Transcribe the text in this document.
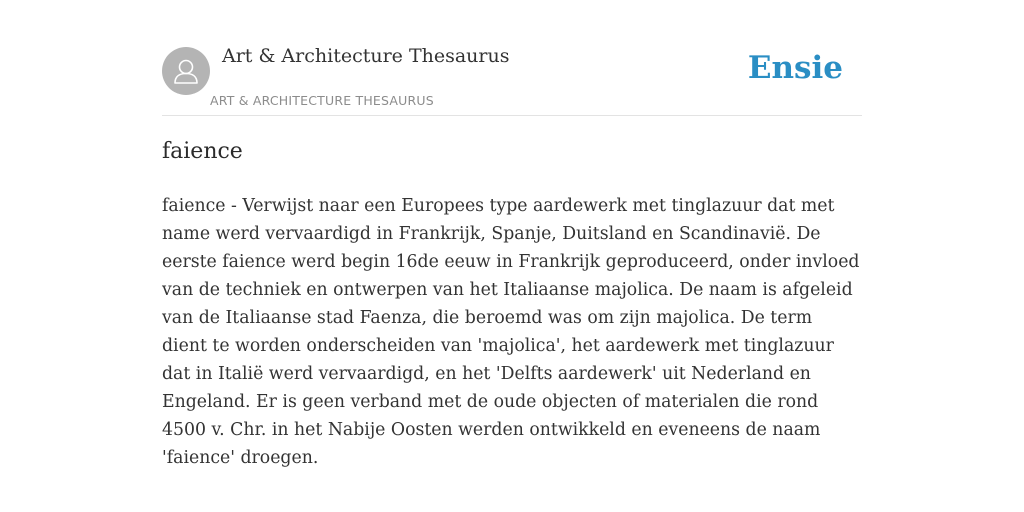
Art & Architecture Thesaurus
ART & ARCHITECTURE THESAURUS
Ensie
faience

faience - Verwijst naar een Europees type aardewerk met tinglazuur dat met name werd vervaardigd in Frankrijk, Spanje, Duitsland en Scandinavië. De eerste faience werd begin 16de eeuw in Frankrijk geproduceerd, onder invloed van de techniek en ontwerpen van het Italiaanse majolica. De naam is afgeleid van de Italiaanse stad Faenza, die beroemd was om zijn majolica. De term dient te worden onderscheiden van 'majolica', het aardewerk met tinglazuur dat in Italië werd vervaardigd, en het 'Delfts aardewerk' uit Nederland en Engeland. Er is geen verband met de oude objecten of materialen die rond 4500 v. Chr. in het Nabije Oosten werden ontwikkeld en eveneens de naam 'faience' droegen.
